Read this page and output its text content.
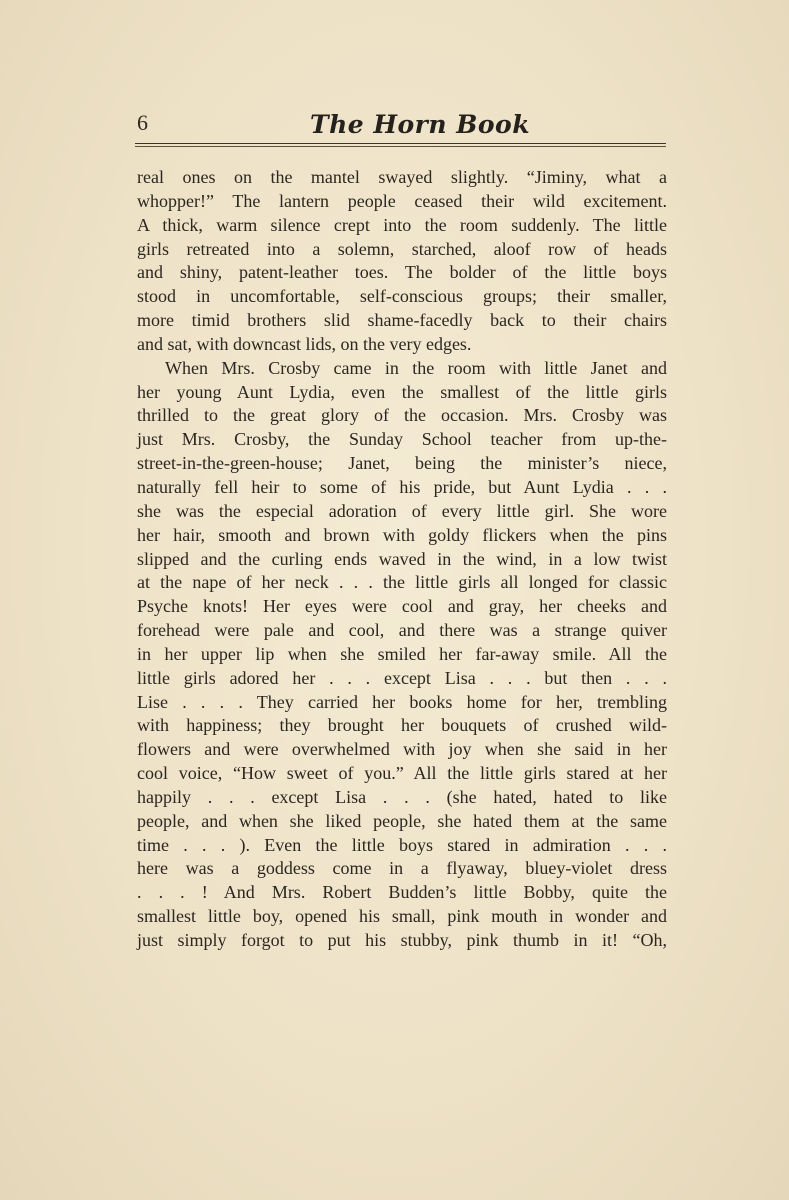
6	The Horn Book
real ones on the mantel swayed slightly. “Jiminy, what a
whopper!” The lantern people ceased their wild excitement.
A thick, warm silence crept into the room suddenly. The little
girls retreated into a solemn, starched, aloof row of heads
and shiny, patent-leather toes. The bolder of the little boys
stood in uncomfortable, self-conscious groups; their smaller,
more timid brothers slid shame-facedly back to their chairs
and sat, with downcast lids, on the very edges.
When Mrs. Crosby came in the room with little Janet and
her young Aunt Lydia, even the smallest of the little girls
thrilled to the great glory of the occasion. Mrs. Crosby was
just Mrs. Crosby, the Sunday School teacher from up-the-
street-in-the-green-house; Janet, being the minister’s niece,
naturally fell heir to some of his pride, but Aunt Lydia . . .
she was the especial adoration of every little girl. She wore
her hair, smooth and brown with goldy flickers when the pins
slipped and the curling ends waved in the wind, in a low twist
at the nape of her neck . . . the little girls all longed for classic
Psyche knots! Her eyes were cool and gray, her cheeks and
forehead were pale and cool, and there was a strange quiver
in her upper lip when she smiled her far-away smile. All the
little girls adored her . . . except Lisa . . . but then . . .
Lise . . . . They carried her books home for her, trembling
with happiness; they brought her bouquets of crushed wild-
flowers and were overwhelmed with joy when she said in her
cool voice, “How sweet of you.” All the little girls stared at her
happily . . . except Lisa . . . (she hated, hated to like
people, and when she liked people, she hated them at the same
time . . . ). Even the little boys stared in admiration . . .
here was a goddess come in a flyaway, bluey-violet dress
. . . ! And Mrs. Robert Budden’s little Bobby, quite the
smallest little boy, opened his small, pink mouth in wonder and
just simply forgot to put his stubby, pink thumb in it! “Oh,
